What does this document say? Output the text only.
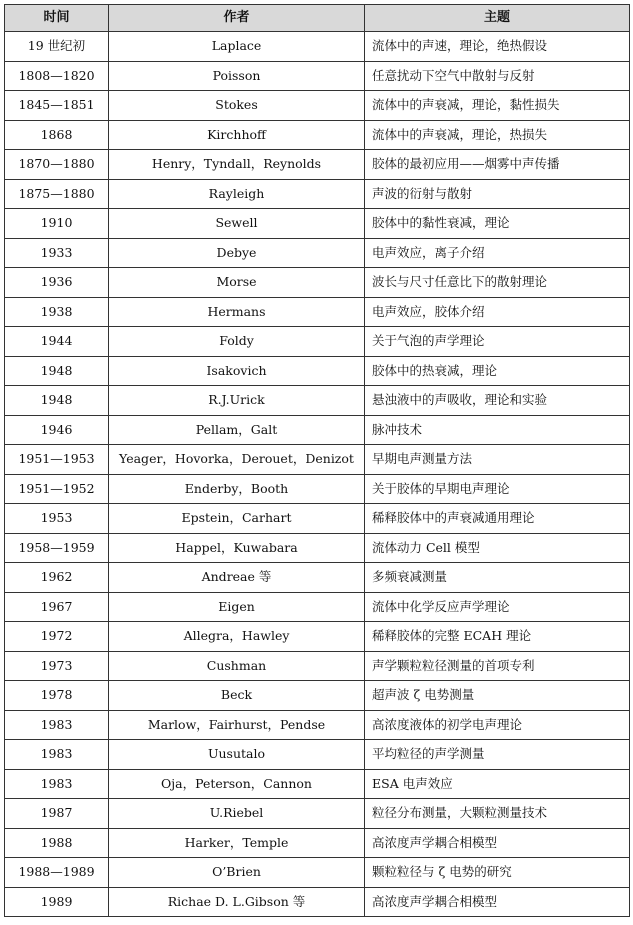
时间	作者	主题
19 世纪初	Laplace	流体中的声速，理论，绝热假设
1808—1820	Poisson	任意扰动下空气中散射与反射
1845—1851	Stokes	流体中的声衰减，理论，黏性损失
1868	Kirchhoff	流体中的声衰减，理论，热损失
1870—1880	Henry，Tyndall，Reynolds	胶体的最初应用——烟雾中声传播
1875—1880	Rayleigh	声波的衍射与散射
1910	Sewell	胶体中的黏性衰减，理论
1933	Debye	电声效应，离子介绍
1936	Morse	波长与尺寸任意比下的散射理论
1938	Hermans	电声效应，胶体介绍
1944	Foldy	关于气泡的声学理论
1948	Isakovich	胶体中的热衰减，理论
1948	R.J.Urick	悬浊液中的声吸收，理论和实验
1946	Pellam，Galt	脉冲技术
1951—1953	Yeager，Hovorka，Derouet，Denizot	早期电声测量方法
1951—1952	Enderby，Booth	关于胶体的早期电声理论
1953	Epstein，Carhart	稀释胶体中的声衰减通用理论
1958—1959	Happel，Kuwabara	流体动力 Cell 模型
1962	Andreae 等	多频衰减测量
1967	Eigen	流体中化学反应声学理论
1972	Allegra，Hawley	稀释胶体的完整 ECAH 理论
1973	Cushman	声学颗粒粒径测量的首项专利
1978	Beck	超声波 ζ 电势测量
1983	Marlow，Fairhurst，Pendse	高浓度液体的初学电声理论
1983	Uusutalo	平均粒径的声学测量
1983	Oja，Peterson，Cannon	ESA 电声效应
1987	U.Riebel	粒径分布测量，大颗粒测量技术
1988	Harker，Temple	高浓度声学耦合相模型
1988—1989	O’Brien	颗粒粒径与 ζ 电势的研究
1989	Richae D. L.Gibson 等	高浓度声学耦合相模型
